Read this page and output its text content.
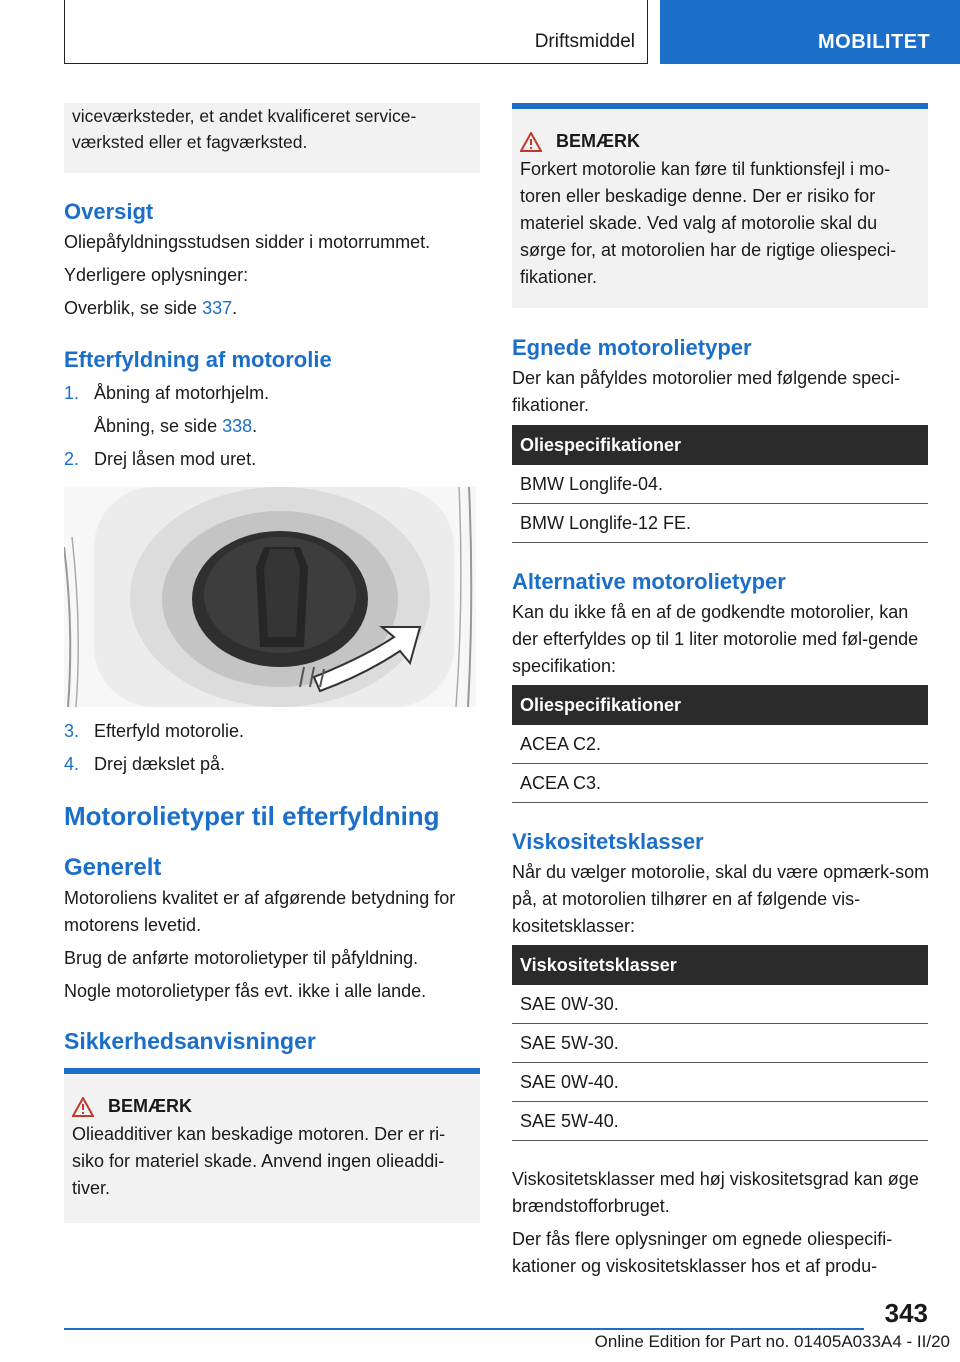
Driftsmiddel	MOBILITET

viceværksteder, et andet kvalificeret service-værksted eller et fagværksted.

Oversigt

Oliepåfyldningsstudsen sidder i motorrummet.

Yderligere oplysninger:

Overblik, se side 337.

Efterfyldning af motorolie

1. Åbning af motorhjelm.

Åbning, se side 338.

2. Drej låsen mod uret.

3. Efterfyld motorolie.

4. Drej dækslet på.

Motorolietyper til efterfyldning
Generelt

Motoroliens kvalitet er af afgørende betydning for motorens levetid.

Brug de anførte motorolietyper til påfyldning.

Nogle motorolietyper fås evt. ikke i alle lande.

Sikkerhedsanvisninger
BEMÆRK

Olieadditiver kan beskadige motoren. Der er ri-siko for materiel skade. Anvend ingen olieaddi-tiver.

BEMÆRK

Forkert motorolie kan føre til funktionsfejl i mo-toren eller beskadige denne. Der er risiko for materiel skade. Ved valg af motorolie skal du sørge for, at motorolien har de rigtige oliespeci-fikationer.

Egnede motorolietyper

Der kan påfyldes motorolier med følgende speci-fikationer.

Oliespecifikationer
BMW Longlife-04.
BMW Longlife-12 FE.
Alternative motorolietyper

Kan du ikke få en af de godkendte motorolier, kan der efterfyldes op til 1 liter motorolie med føl-gende specifikation:

Oliespecifikationer
ACEA C2.
ACEA C3.
Viskositetsklasser

Når du vælger motorolie, skal du være opmærk-som på, at motorolien tilhører en af følgende vis-kositetsklasser:

Viskositetsklasser
SAE 0W-30.
SAE 5W-30.
SAE 0W-40.
SAE 5W-40.

Viskositetsklasser med høj viskositetsgrad kan øge brændstofforbruget.

Der fås flere oplysninger om egnede oliespecifi-kationer og viskositetsklasser hos et af produ-

343
Online Edition for Part no. 01405A033A4 - II/20
